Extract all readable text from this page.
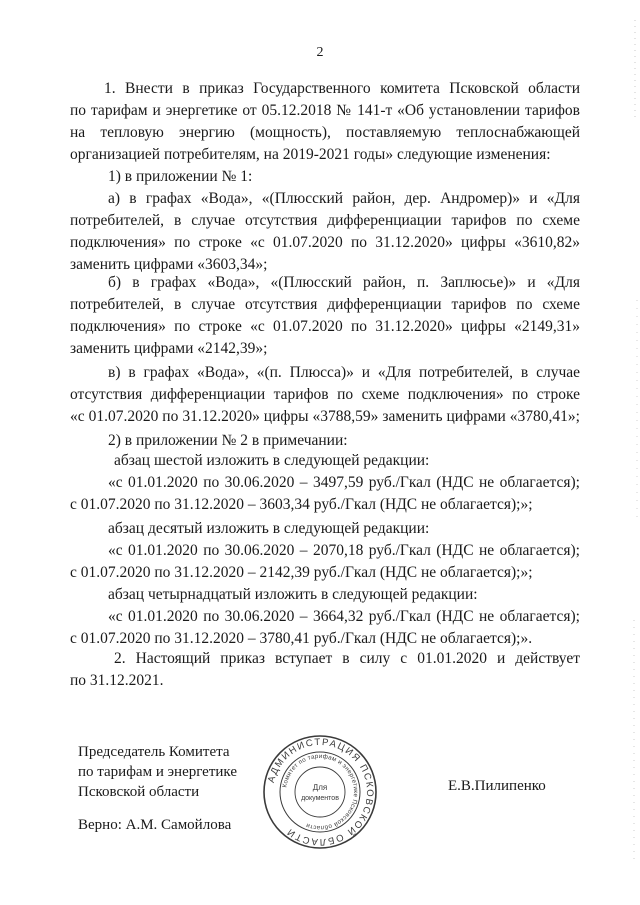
2
1. Внести в приказ Государственного комитета Псковской области
по тарифам и энергетике от 05.12.2018 № 141-т «Об установлении тарифов
на тепловую энергию (мощность), поставляемую теплоснабжающей
организацией потребителям, на 2019-2021 годы» следующие изменения:
1) в приложении № 1:
а) в графах «Вода», «(Плюсский район, дер. Андромер)» и «Для
потребителей, в случае отсутствия дифференциации тарифов по схеме
подключения» по строке «с 01.07.2020 по 31.12.2020» цифры «3610,82»
заменить цифрами «3603,34»;
б) в графах «Вода», «(Плюсский район, п. Заплюсье)» и «Для
потребителей, в случае отсутствия дифференциации тарифов по схеме
подключения» по строке «с 01.07.2020 по 31.12.2020» цифры «2149,31»
заменить цифрами «2142,39»;
в) в графах «Вода», «(п. Плюсса)» и «Для потребителей, в случае
отсутствия дифференциации тарифов по схеме подключения» по строке
«с 01.07.2020 по 31.12.2020» цифры «3788,59» заменить цифрами «3780,41»;
2) в приложении № 2 в примечании:
абзац шестой изложить в следующей редакции:
«с 01.01.2020 по 30.06.2020 – 3497,59 руб./Гкал (НДС не облагается);
с 01.07.2020 по 31.12.2020 – 3603,34 руб./Гкал (НДС не облагается);»;
абзац десятый изложить в следующей редакции:
«с 01.01.2020 по 30.06.2020 – 2070,18 руб./Гкал (НДС не облагается);
с 01.07.2020 по 31.12.2020 – 2142,39 руб./Гкал (НДС не облагается);»;
абзац четырнадцатый изложить в следующей редакции:
«с 01.01.2020 по 30.06.2020 – 3664,32 руб./Гкал (НДС не облагается);
с 01.07.2020 по 31.12.2020 – 3780,41 руб./Гкал (НДС не облагается);».
2. Настоящий приказ вступает в силу с 01.01.2020 и действует
по 31.12.2021.
Председатель Комитета
по тарифам и энергетике
Псковской области	Е.В.Пилипенко
Верно: А.М. Самойлова
АДМИНИСТРАЦИЯ ПСКОВСКОЙ ОБЛАСТИ
Комитет по тарифам и энергетике Псковской области
Для
документов
